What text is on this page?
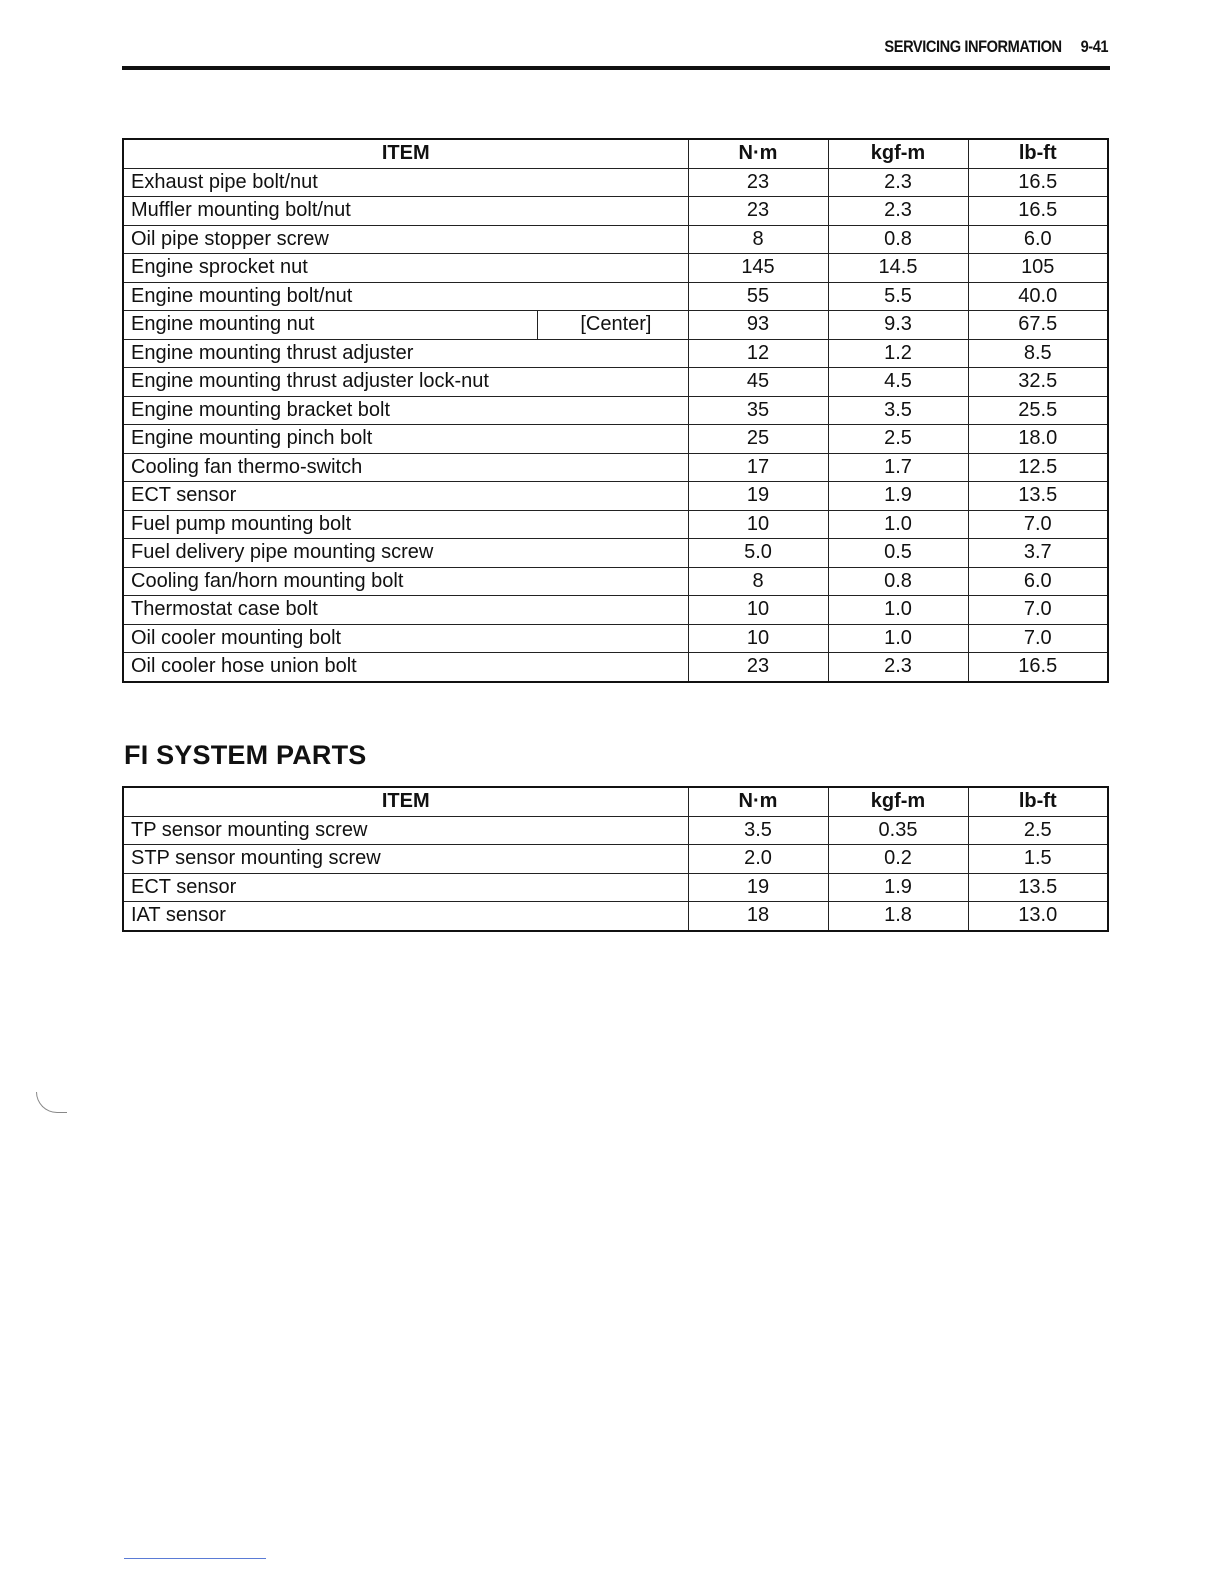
SERVICING INFORMATION 9-41
ITEM		N·m	kgf-m	lb-ft
Exhaust pipe bolt/nut		23	2.3	16.5
Muffler mounting bolt/nut		23	2.3	16.5
Oil pipe stopper screw		8	0.8	6.0
Engine sprocket nut		145	14.5	105
Engine mounting bolt/nut		55	5.5	40.0
Engine mounting nut	[Center]	93	9.3	67.5
Engine mounting thrust adjuster		12	1.2	8.5
Engine mounting thrust adjuster lock-nut		45	4.5	32.5
Engine mounting bracket bolt		35	3.5	25.5
Engine mounting pinch bolt		25	2.5	18.0
Cooling fan thermo-switch		17	1.7	12.5
ECT sensor		19	1.9	13.5
Fuel pump mounting bolt		10	1.0	7.0
Fuel delivery pipe mounting screw		5.0	0.5	3.7
Cooling fan/horn mounting bolt		8	0.8	6.0
Thermostat case bolt		10	1.0	7.0
Oil cooler mounting bolt		10	1.0	7.0
Oil cooler hose union bolt		23	2.3	16.5
FI SYSTEM PARTS
ITEM	N·m	kgf-m	lb-ft
TP sensor mounting screw	3.5	0.35	2.5
STP sensor mounting screw	2.0	0.2	1.5
ECT sensor	19	1.9	13.5
IAT sensor	18	1.8	13.0
